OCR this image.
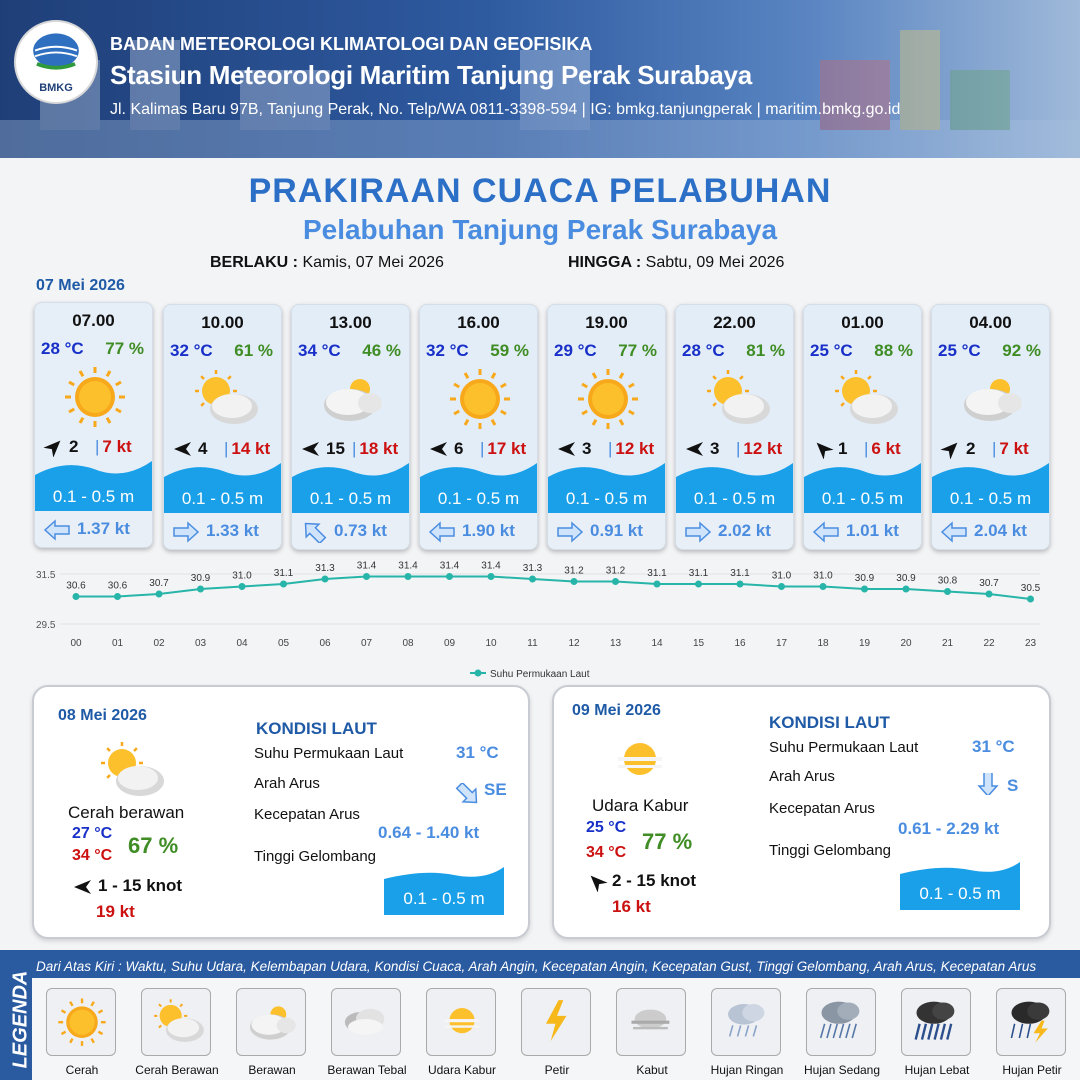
BMKG
BADAN METEOROLOGI KLIMATOLOGI DAN GEOFISIKA
Stasiun Meteorologi Maritim Tanjung Perak Surabaya
Jl. Kalimas Baru 97B, Tanjung Perak, No. Telp/WA 0811-3398-594 | IG: bmkg.tanjungperak | maritim.bmkg.go.id
PRAKIRAAN CUACA PELABUHAN
Pelabuhan Tanjung Perak Surabaya
BERLAKU : Kamis, 07 Mei 2026	HINGGA : Sabtu, 09 Mei 2026
07 Mei 2026
07.00
28 °C 77 %
2 | 7 kt
0.1 - 0.5 m
1.37 kt
10.00
32 °C 61 %
4 | 14 kt
0.1 - 0.5 m
1.33 kt
13.00
34 °C 46 %
15 | 18 kt
0.1 - 0.5 m
0.73 kt
16.00
32 °C 59 %
6 | 17 kt
0.1 - 0.5 m
1.90 kt
19.00
29 °C 77 %
3 | 12 kt
0.1 - 0.5 m
0.91 kt
22.00
28 °C 81 %
3 | 12 kt
0.1 - 0.5 m
2.02 kt
01.00
25 °C 88 %
1 | 6 kt
0.1 - 0.5 m
1.01 kt
04.00
25 °C 92 %
2 | 7 kt
0.1 - 0.5 m
2.04 kt
31.5
29.5
30.6
00
30.6
01
30.7
02
30.9
03
31.0
04
31.1
05
31.3
06
31.4
07
31.4
08
31.4
09
31.4
10
31.3
11
31.2
12
31.2
13
31.1
14
31.1
15
31.1
16
31.0
17
31.0
18
30.9
19
30.9
20
30.8
21
30.7
22
30.5
23
Suhu Permukaan Laut
08 Mei 2026
Cerah berawan
27 °C
34 °C 67 %
1 - 15 knot
19 kt
KONDISI LAUT
Suhu Permukaan Laut	31 °C
Arah Arus	SE
Kecepatan Arus
0.64 - 1.40 kt
Tinggi Gelombang
0.1 - 0.5 m
09 Mei 2026
Udara Kabur
25 °C
34 °C 77 %
2 - 15 knot
16 kt
KONDISI LAUT
Suhu Permukaan Laut	31 °C
Arah Arus	S
Kecepatan Arus
0.61 - 2.29 kt
Tinggi Gelombang
0.1 - 0.5 m
LEGENDA
Dari Atas Kiri : Waktu, Suhu Udara, Kelembapan Udara, Kondisi Cuaca, Arah Angin, Kecepatan Angin, Kecepatan Gust, Tinggi Gelombang, Arah Arus, Kecepatan Arus
Cerah	Cerah Berawan	Berawan	Berawan Tebal	Udara Kabur	Petir	Kabut	Hujan Ringan	Hujan Sedang	Hujan Lebat	Hujan Petir
